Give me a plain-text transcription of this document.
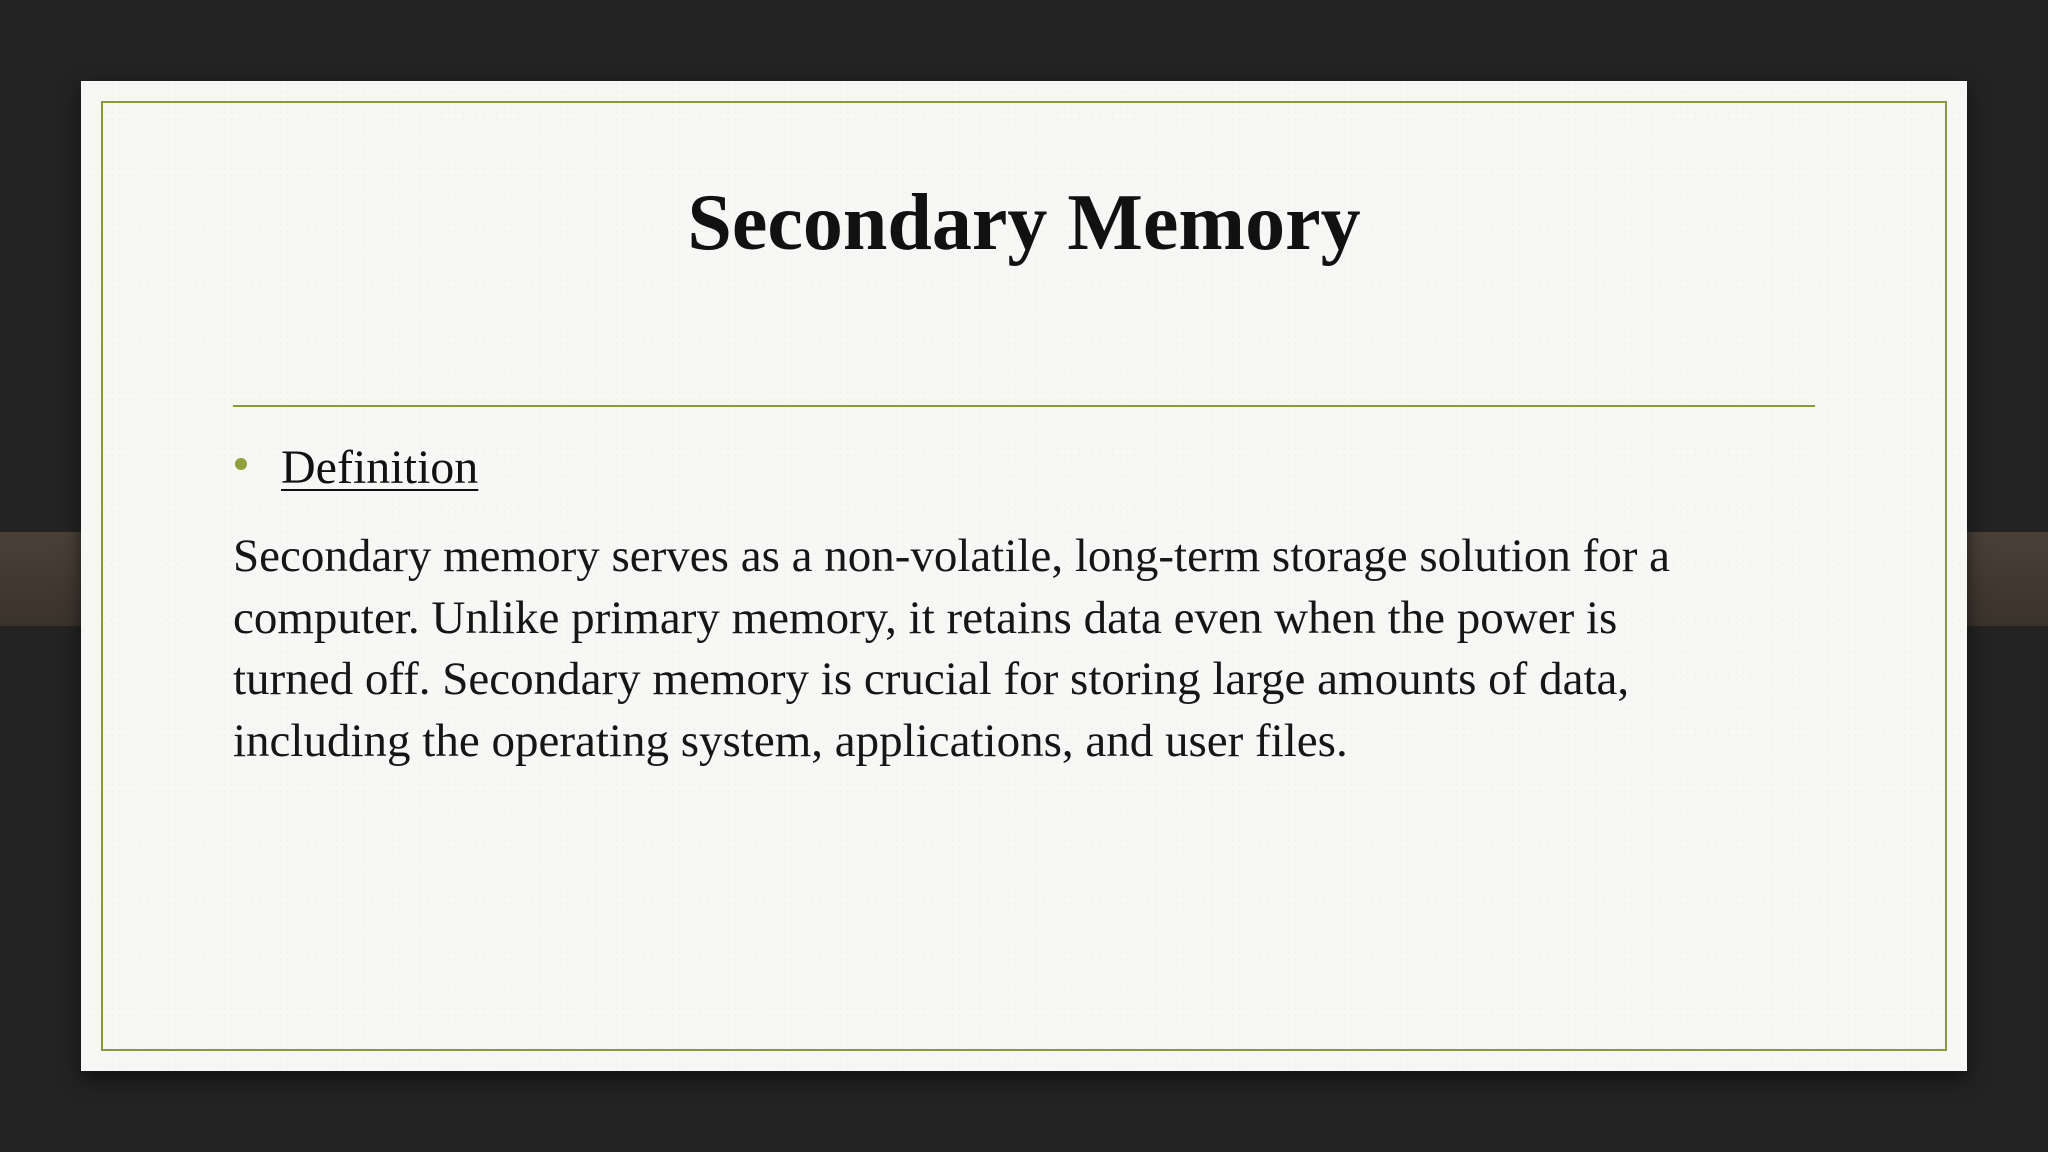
Secondary Memory
Definition
Secondary memory serves as a non-volatile, long-term storage solution for a
computer. Unlike primary memory, it retains data even when the power is
turned off. Secondary memory is crucial for storing large amounts of data,
including the operating system, applications, and user files.
